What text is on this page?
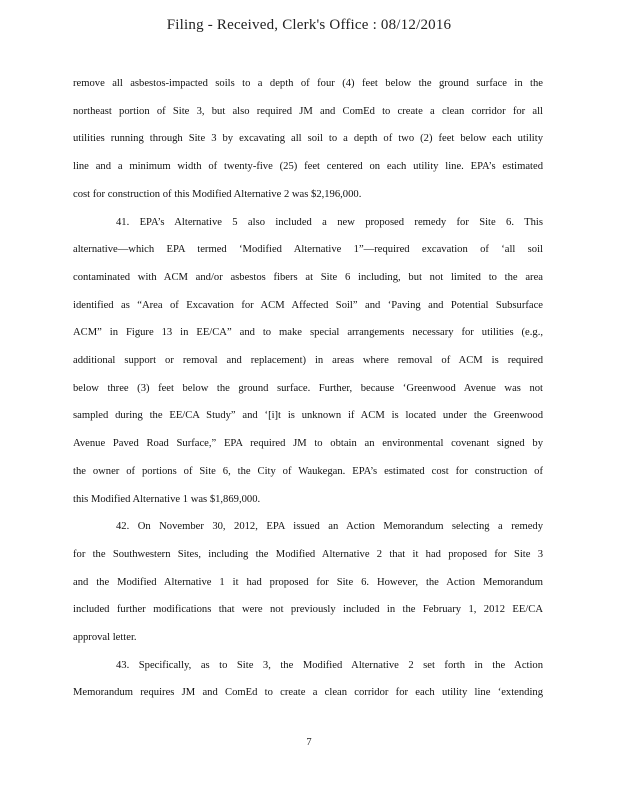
Filing - Received, Clerk's Office : 08/12/2016
remove all asbestos-impacted soils to a depth of four (4) feet below the ground surface in the
northeast portion of Site 3, but also required JM and ComEd to create a clean corridor for all
utilities running through Site 3 by excavating all soil to a depth of two (2) feet below each utility
line and a minimum width of twenty-five (25) feet centered on each utility line. EPA’s estimated
cost for construction of this Modified Alternative 2 was $2,196,000.
41. EPA’s Alternative 5 also included a new proposed remedy for Site 6. This
alternative—which EPA termed ‘Modified Alternative 1”—required excavation of ‘all soil
contaminated with ACM and/or asbestos fibers at Site 6 including, but not limited to the area
identified as “Area of Excavation for ACM Affected Soil” and ‘Paving and Potential Subsurface
ACM” in Figure 13 in EE/CA” and to make special arrangements necessary for utilities (e.g.,
additional support or removal and replacement) in areas where removal of ACM is required
below three (3) feet below the ground surface. Further, because ‘Greenwood Avenue was not
sampled during the EE/CA Study” and ‘[i]t is unknown if ACM is located under the Greenwood
Avenue Paved Road Surface,” EPA required JM to obtain an environmental covenant signed by
the owner of portions of Site 6, the City of Waukegan. EPA’s estimated cost for construction of
this Modified Alternative 1 was $1,869,000.
42. On November 30, 2012, EPA issued an Action Memorandum selecting a remedy
for the Southwestern Sites, including the Modified Alternative 2 that it had proposed for Site 3
and the Modified Alternative 1 it had proposed for Site 6. However, the Action Memorandum
included further modifications that were not previously included in the February 1, 2012 EE/CA
approval letter.
43. Specifically, as to Site 3, the Modified Alternative 2 set forth in the Action
Memorandum requires JM and ComEd to create a clean corridor for each utility line ‘extending
7
